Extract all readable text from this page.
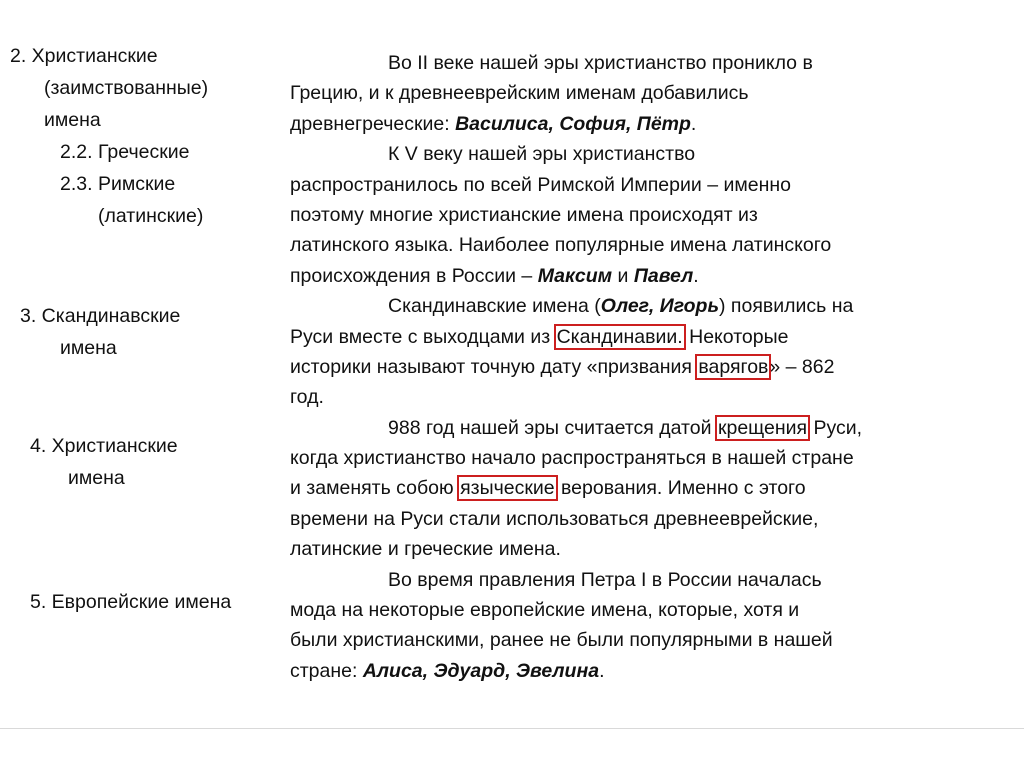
2. Христианские
(заимствованные)
имена
2.2. Греческие
2.3. Римские
(латинские)
3. Скандинавские
имена
4. Христианские
имена
5. Европейские имена
Во II веке нашей эры христианство проникло в
Грецию, и к древнееврейским именам добавились
древнегреческие: Василиса, София, Пётр.
К V веку нашей эры христианство
распространилось по всей Римской Империи – именно
поэтому многие христианские имена происходят из
латинского языка. Наиболее популярные имена латинского
происхождения в России – Максим и Павел.
Скандинавские имена (Олег, Игорь) появились на
Руси вместе с выходцами из Скандинавии. Некоторые
историки называют точную дату «призвания варягов» – 862
год.
988 год нашей эры считается датой крещения Руси,
когда христианство начало распространяться в нашей стране
и заменять собою языческие верования. Именно с этого
времени на Руси стали использоваться древнееврейские,
латинские и греческие имена.
Во время правления Петра I в России началась
мода на некоторые европейские имена, которые, хотя и
были христианскими, ранее не были популярными в нашей
стране: Алиса, Эдуард, Эвелина.
